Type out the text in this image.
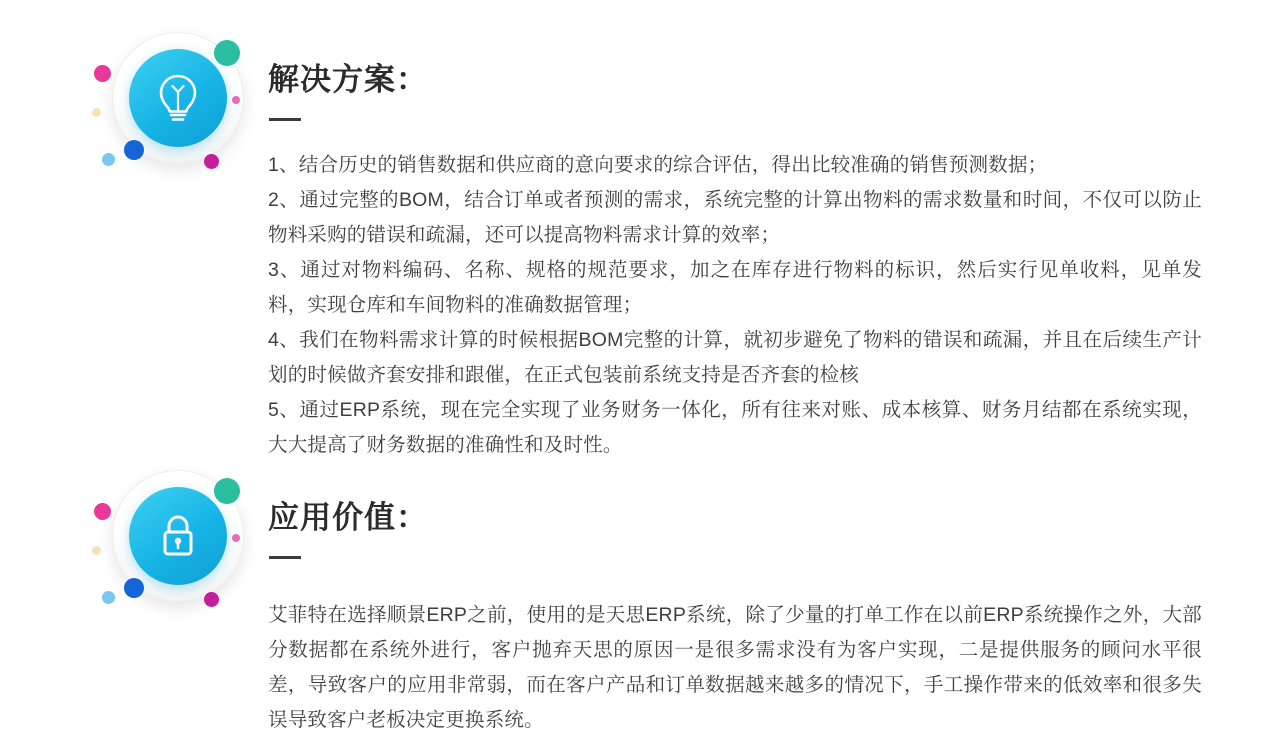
解决方案：

1、结合历史的销售数据和供应商的意向要求的综合评估，得出比较准确的销售预测数据；

2、通过完整的BOM，结合订单或者预测的需求，系统完整的计算出物料的需求数量和时间，不仅可以防止物料采购的错误和疏漏，还可以提高物料需求计算的效率；

3、通过对物料编码、名称、规格的规范要求，加之在库存进行物料的标识，然后实行见单收料，见单发料，实现仓库和车间物料的准确数据管理；

4、我们在物料需求计算的时候根据BOM完整的计算，就初步避免了物料的错误和疏漏，并且在后续生产计划的时候做齐套安排和跟催，在正式包装前系统支持是否齐套的检核

5、通过ERP系统，现在完全实现了业务财务一体化，所有往来对账、成本核算、财务月结都在系统实现，大大提高了财务数据的准确性和及时性。

应用价值：

艾菲特在选择顺景ERP之前，使用的是天思ERP系统，除了少量的打单工作在以前ERP系统操作之外，大部分数据都在系统外进行，客户抛弃天思的原因一是很多需求没有为客户实现，二是提供服务的顾问水平很差，导致客户的应用非常弱，而在客户产品和订单数据越来越多的情况下，手工操作带来的低效率和很多失误导致客户老板决定更换系统。
